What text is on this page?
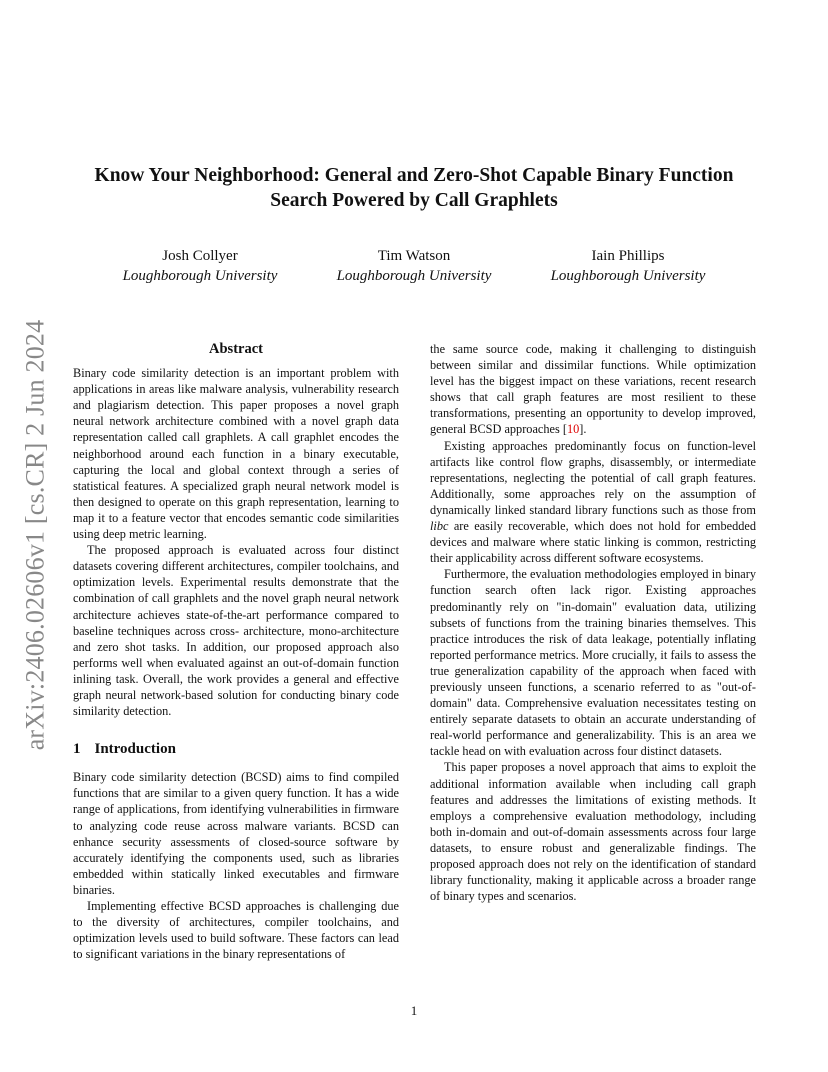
arXiv:2406.02606v1 [cs.CR] 2 Jun 2024
Know Your Neighborhood: General and Zero-Shot Capable Binary Function Search Powered by Call Graphlets
Josh Collyer
Loughborough University
Tim Watson
Loughborough University
Iain Phillips
Loughborough University
Abstract

Binary code similarity detection is an important problem with applications in areas like malware analysis, vulnerability research and plagiarism detection. This paper proposes a novel graph neural network architecture combined with a novel graph data representation called call graphlets. A call graphlet encodes the neighborhood around each function in a binary executable, capturing the local and global context through a series of statistical features. A specialized graph neural network model is then designed to operate on this graph representation, learning to map it to a feature vector that encodes semantic code similarities using deep metric learning.

The proposed approach is evaluated across four distinct datasets covering different architectures, compiler toolchains, and optimization levels. Experimental results demonstrate that the combination of call graphlets and the novel graph neural network architecture achieves state-of-the-art performance compared to baseline techniques across cross- architecture, mono-architecture and zero shot tasks. In addition, our proposed approach also performs well when evaluated against an out-of-domain function inlining task. Overall, the work provides a general and effective graph neural network-based solution for conducting binary code similarity detection.

1 Introduction

Binary code similarity detection (BCSD) aims to find compiled functions that are similar to a given query function. It has a wide range of applications, from identifying vulnerabilities in firmware to analyzing code reuse across malware variants. BCSD can enhance security assessments of closed-source software by accurately identifying the components used, such as libraries embedded within statically linked executables and firmware binaries.

Implementing effective BCSD approaches is challenging due to the diversity of architectures, compiler toolchains, and optimization levels used to build software. These factors can lead to significant variations in the binary representations of

the same source code, making it challenging to distinguish between similar and dissimilar functions. While optimization level has the biggest impact on these variations, recent research shows that call graph features are most resilient to these transformations, presenting an opportunity to develop improved, general BCSD approaches [10].

Existing approaches predominantly focus on function-level artifacts like control flow graphs, disassembly, or intermediate representations, neglecting the potential of call graph features. Additionally, some approaches rely on the assumption of dynamically linked standard library functions such as those from libc are easily recoverable, which does not hold for embedded devices and malware where static linking is common, restricting their applicability across different software ecosystems.

Furthermore, the evaluation methodologies employed in binary function search often lack rigor. Existing approaches predominantly rely on "in-domain" evaluation data, utilizing subsets of functions from the training binaries themselves. This practice introduces the risk of data leakage, potentially inflating reported performance metrics. More crucially, it fails to assess the true generalization capability of the approach when faced with previously unseen functions, a scenario referred to as "out-of-domain" data. Comprehensive evaluation necessitates testing on entirely separate datasets to obtain an accurate understanding of real-world performance and generalizability. This is an area we tackle head on with evaluation across four distinct datasets.

This paper proposes a novel approach that aims to exploit the additional information available when including call graph features and addresses the limitations of existing methods. It employs a comprehensive evaluation methodology, including both in-domain and out-of-domain assessments across four large datasets, to ensure robust and generalizable findings. The proposed approach does not rely on the identification of standard library functionality, making it applicable across a broader range of binary types and scenarios.

1
